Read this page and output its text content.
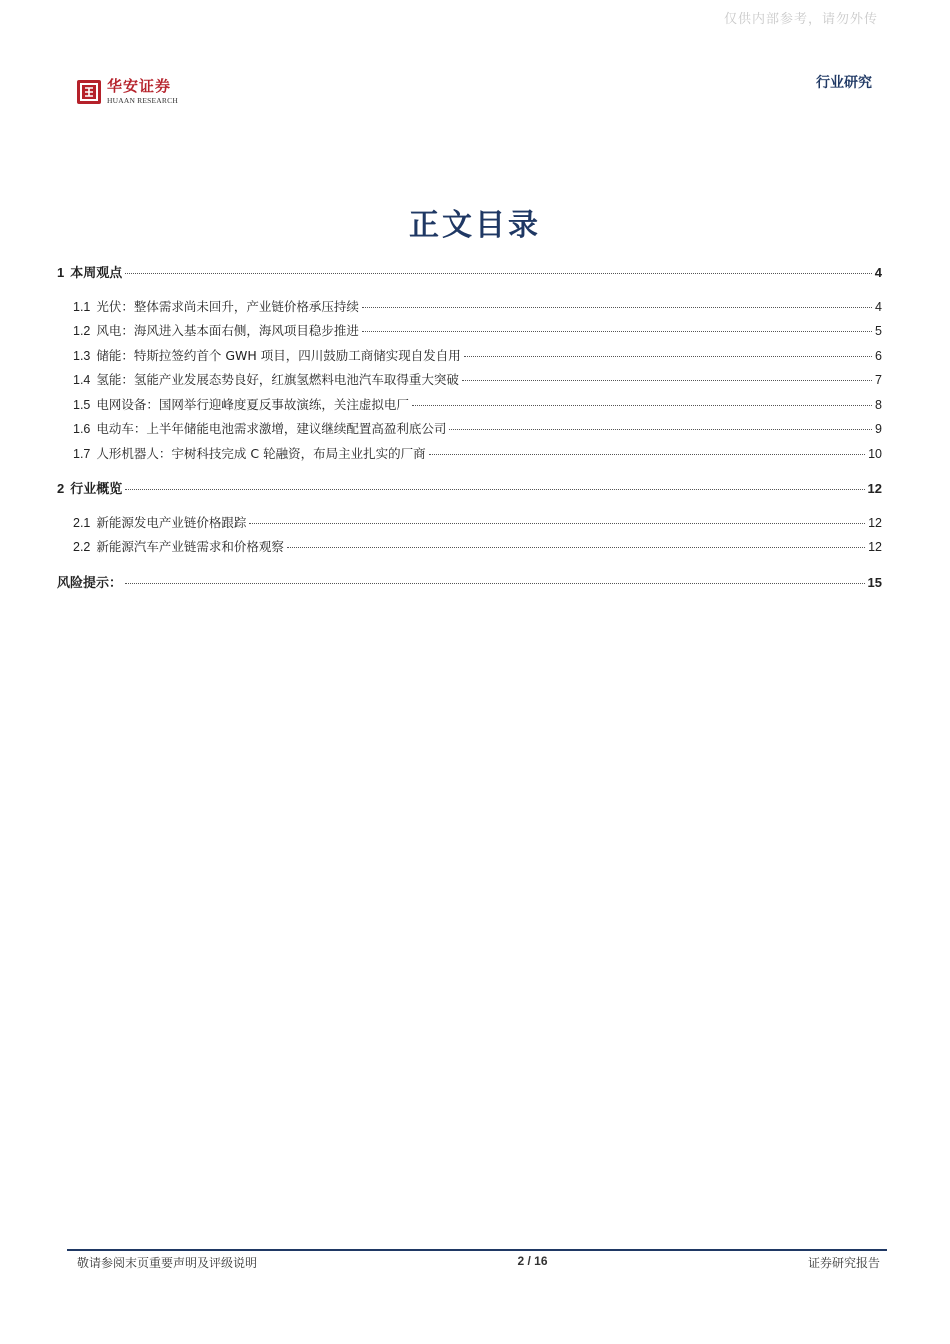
仅供内部参考，请勿外传
华安证券
HUAAN RESEARCH
行业研究
正文目录
1 本周观点	4
1.1 光伏：整体需求尚未回升，产业链价格承压持续	4
1.2 风电：海风进入基本面右侧，海风项目稳步推进	5
1.3 储能：特斯拉签约首个 GWH 项目，四川鼓励工商储实现自发自用	6
1.4 氢能：氢能产业发展态势良好，红旗氢燃料电池汽车取得重大突破	7
1.5 电网设备：国网举行迎峰度夏反事故演练，关注虚拟电厂	8
1.6 电动车：上半年储能电池需求激增，建议继续配置高盈利底公司	9
1.7 人形机器人：宇树科技完成 C 轮融资，布局主业扎实的厂商	10
2 行业概览	12
2.1 新能源发电产业链价格跟踪	12
2.2 新能源汽车产业链需求和价格观察	12
风险提示：	15
敬请参阅末页重要声明及评级说明	2 / 16	证券研究报告
